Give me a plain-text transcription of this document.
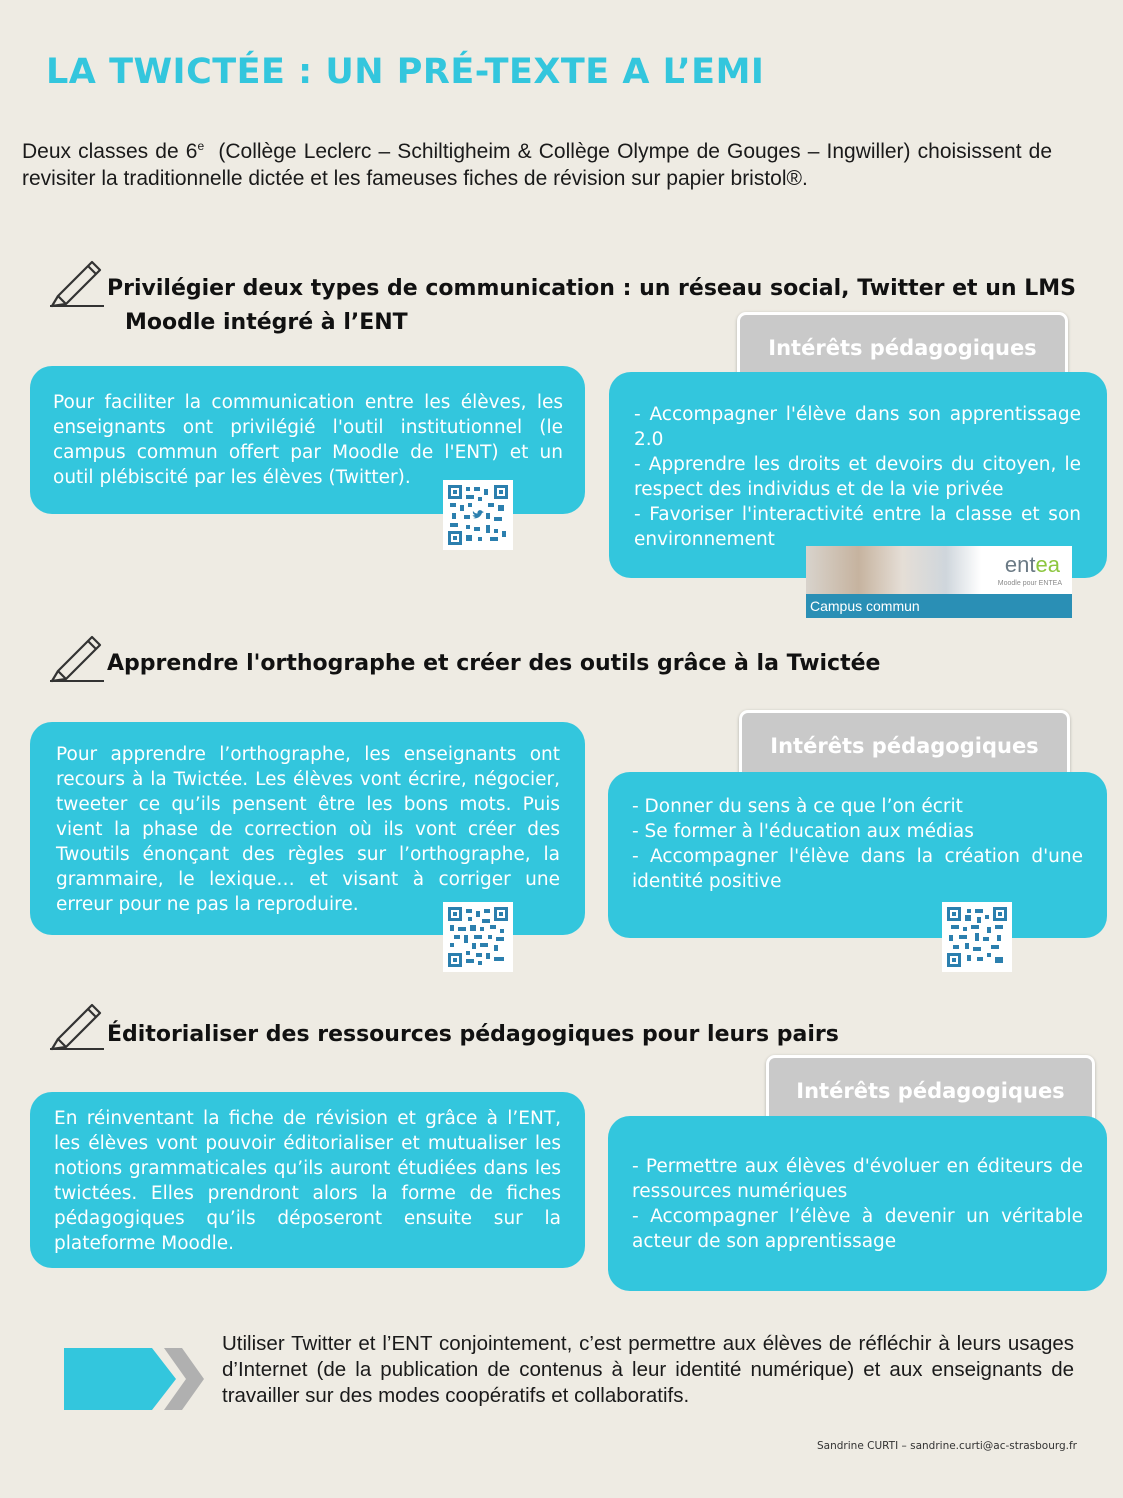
LA TWICTÉE : UN PRÉ-TEXTE A L’EMI
Deux classes de 6e  (Collège Leclerc – Schiltigheim & Collège Olympe de Gouges – Ingwiller) choisissent de revisiter la traditionnelle dictée et les fameuses fiches de révision sur papier bristol®.
Privilégier deux types de communication : un réseau social, Twitter et un LMS
Moodle intégré à l’ENT

Pour faciliter la communication entre les élèves, les enseignants ont privilégié l'outil institutionnel (le campus commun offert par Moodle de l'ENT) et un outil plébiscité par les élèves (Twitter).

Intérêts pédagogiques

- Accompagner l'élève dans son apprentissage 2.0
- Apprendre les droits et devoirs du citoyen, le respect des individus et de la vie privée
- Favoriser l'interactivité entre la classe et son environnement

entea
Moodle pour ENTEA
Campus commun
Apprendre l'orthographe et créer des outils grâce à la Twictée

Pour apprendre l’orthographe, les enseignants ont recours à la Twictée. Les élèves vont écrire, négocier, tweeter ce qu’ils pensent être les bons mots. Puis vient la phase de correction où ils vont créer des Twoutils énonçant des règles sur l’orthographe, la grammaire, le lexique… et visant à corriger une erreur pour ne pas la reproduire.

Intérêts pédagogiques

- Donner du sens à ce que l’on écrit
- Se former à l'éducation aux médias
- Accompagner l'élève dans la création d'une identité positive

Éditorialiser des ressources pédagogiques pour leurs pairs

En réinventant la fiche de révision et grâce à l’ENT, les élèves vont pouvoir éditorialiser et mutualiser les notions grammaticales qu’ils auront étudiées dans les twictées. Elles prendront alors la forme de fiches pédagogiques qu’ils déposeront ensuite sur la plateforme Moodle.

Intérêts pédagogiques

- Permettre aux élèves d'évoluer en éditeurs de ressources numériques
- Accompagner l’élève à devenir un véritable acteur de son apprentissage

Utiliser Twitter et l’ENT conjointement, c’est permettre aux élèves de réfléchir à leurs usages d’Internet (de la publication de contenus à leur identité numérique) et aux enseignants de travailler sur des modes coopératifs et collaboratifs.
Sandrine CURTI – sandrine.curti@ac-strasbourg.fr
